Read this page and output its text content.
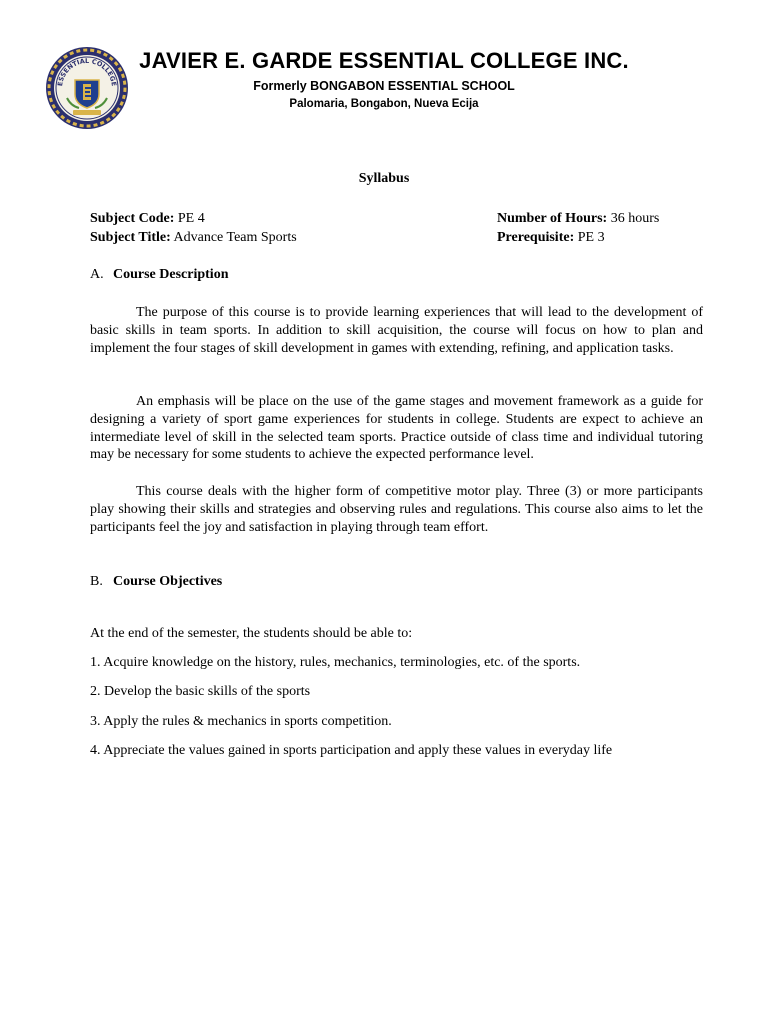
ESSENTIAL COLLEGE
JAVIER E. GARDE ESSENTIAL COLLEGE INC.
Formerly BONGABON ESSENTIAL SCHOOL
Palomaria, Bongabon, Nueva Ecija
Syllabus
Subject Code: PE 4
Subject Title: Advance Team Sports
Number of Hours: 36 hours
Prerequisite: PE 3
A. Course Description

The purpose of this course is to provide learning experiences that will lead to the development of basic skills in team sports. In addition to skill acquisition, the course will focus on how to plan and implement the four stages of skill development in games with extending, refining, and application tasks.

An emphasis will be place on the use of the game stages and movement framework as a guide for designing a variety of sport game experiences for students in college. Students are expect to achieve an intermediate level of skill in the selected team sports. Practice outside of class time and individual tutoring may be necessary for some students to achieve the expected performance level.

This course deals with the higher form of competitive motor play. Three (3) or more participants play showing their skills and strategies and observing rules and regulations. This course also aims to let the participants feel the joy and satisfaction in playing through team effort.

B. Course Objectives

At the end of the semester, the students should be able to:

1. Acquire knowledge on the history, rules, mechanics, terminologies, etc. of the sports.

2. Develop the basic skills of the sports

3. Apply the rules & mechanics in sports competition.

4. Appreciate the values gained in sports participation and apply these values in everyday life
